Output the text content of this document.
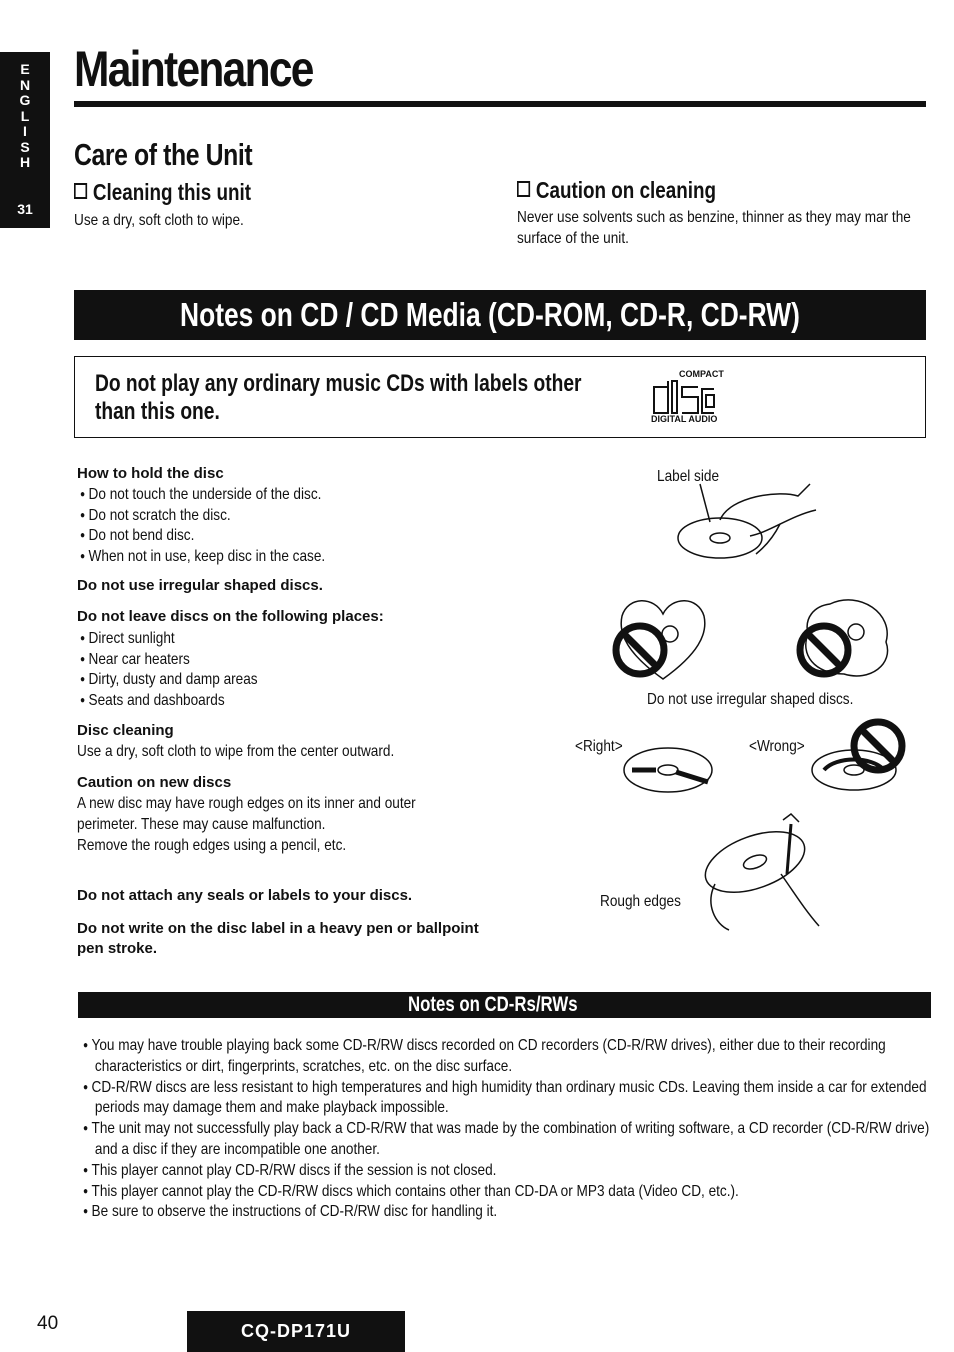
E
N
G
L
I
S
H
31
Maintenance
Care of the Unit
Cleaning this unit
Use a dry, soft cloth to wipe.
Caution on cleaning
Never use solvents such as benzine, thinner as they may mar the surface of the unit.
Notes on CD / CD Media (CD-ROM, CD-R, CD-RW)
Do not play any ordinary music CDs with labels other than this one.
COMPACT
DIGITAL AUDIO
How to hold the disc
● Do not touch the underside of the disc.
● Do not scratch the disc.
● Do not bend disc.
● When not in use, keep disc in the case.
Do not use irregular shaped discs.
Do not leave discs on the following places:
● Direct sunlight
● Near car heaters
● Dirty, dusty and damp areas
● Seats and dashboards
Disc cleaning
Use a dry, soft cloth to wipe from the center outward.
Caution on new discs
A new disc may have rough edges on its inner and outer
perimeter. These may cause malfunction.
Remove the rough edges using a pencil, etc.
Do not attach any seals or labels to your discs.
Do not write on the disc label in a heavy pen or ballpoint pen stroke.
Label side
Do not use irregular shaped discs.
<Right>	<Wrong>
Rough edges
Notes on CD-Rs/RWs
● You may have trouble playing back some CD-R/RW discs recorded on CD recorders (CD-R/RW drives), either due to their recording characteristics or dirt, fingerprints, scratches, etc. on the disc surface.
● CD-R/RW discs are less resistant to high temperatures and high humidity than ordinary music CDs. Leaving them inside a car for extended periods may damage them and make playback impossible.
● The unit may not successfully play back a CD-R/RW that was made by the combination of writing software, a CD recorder (CD-R/RW drive) and a disc if they are incompatible one another.
● This player cannot play CD-R/RW discs if the session is not closed.
● This player cannot play the CD-R/RW discs which contains other than CD-DA or MP3 data (Video CD, etc.).
● Be sure to observe the instructions of CD-R/RW disc for handling it.
40	CQ-DP171U
